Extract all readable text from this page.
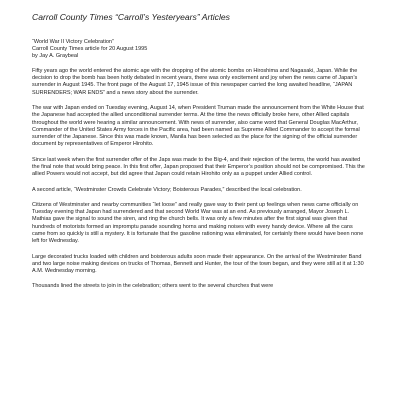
Carroll County Times “Carroll’s Yesteryears” Articles
“World War II Victory Celebration”
Carroll County Times article for 20 August 1995
by Jay A. Graybeal

Fifty years ago the world entered the atomic age with the dropping of the atomic bombs on Hiroshima and Nagasaki, Japan. While the decision to drop the bomb has been hotly debated in recent years, there was only excitement and joy when the news came of Japan’s surrender in August 1945. The front page of the August 17, 1945 issue of this newspaper carried the long awaited headline, “JAPAN SURRENDERS; WAR ENDS” and a news story about the surrender.

The war with Japan ended on Tuesday evening, August 14, when President Truman made the announcement from the White House that the Japanese had accepted the allied unconditional surrender terms. At the time the news officially broke here, other Allied capitals throughout the world were hearing a similar announcement. With news of surrender, also came word that General Douglas MacArthur, Commander of the United States Army forces in the Pacific area, had been named as Supreme Allied Commander to accept the formal surrender of the Japanese. Since this was made known, Manila has been selected as the place for the signing of the official surrender document by representatives of Emperor Hirohito.

Since last week when the first surrender offer of the Japs was made to the Big-4, and their rejection of the terms, the world has awaited the final note that would bring peace. In this first offer, Japan proposed that their Emperor’s position should not be compromised. This the allied Powers would not accept, but did agree that Japan could retain Hirohito only as a puppet under Allied control.

A second article, “Westminster Crowds Celebrate Victory; Boisterous Parades,” described the local celebration.

Citizens of Westminster and nearby communities “let loose” and really gave way to their pent up feelings when news came officially on Tuesday evening that Japan had surrendered and that second World War was at an end. As previously arranged, Mayor Joseph L. Mathias gave the signal to sound the siren, and ring the church bells. It was only a few minutes after the first signal was given that hundreds of motorists formed an impromptu parade sounding horns and making noises with every handy device. Where all the cans came from so quickly is still a mystery. It is fortunate that the gasoline rationing was eliminated, for certainly there would have been none left for Wednesday.

Large decorated trucks loaded with children and boisterous adults soon made their appearance. On the arrival of the Westminster Band and two large noise making devices on trucks of Thomas, Bennett and Hunter, the tour of the town began, and they were still at it at 1:30 A.M. Wednesday morning.

Thousands lined the streets to join in the celebration; others went to the several churches that were
